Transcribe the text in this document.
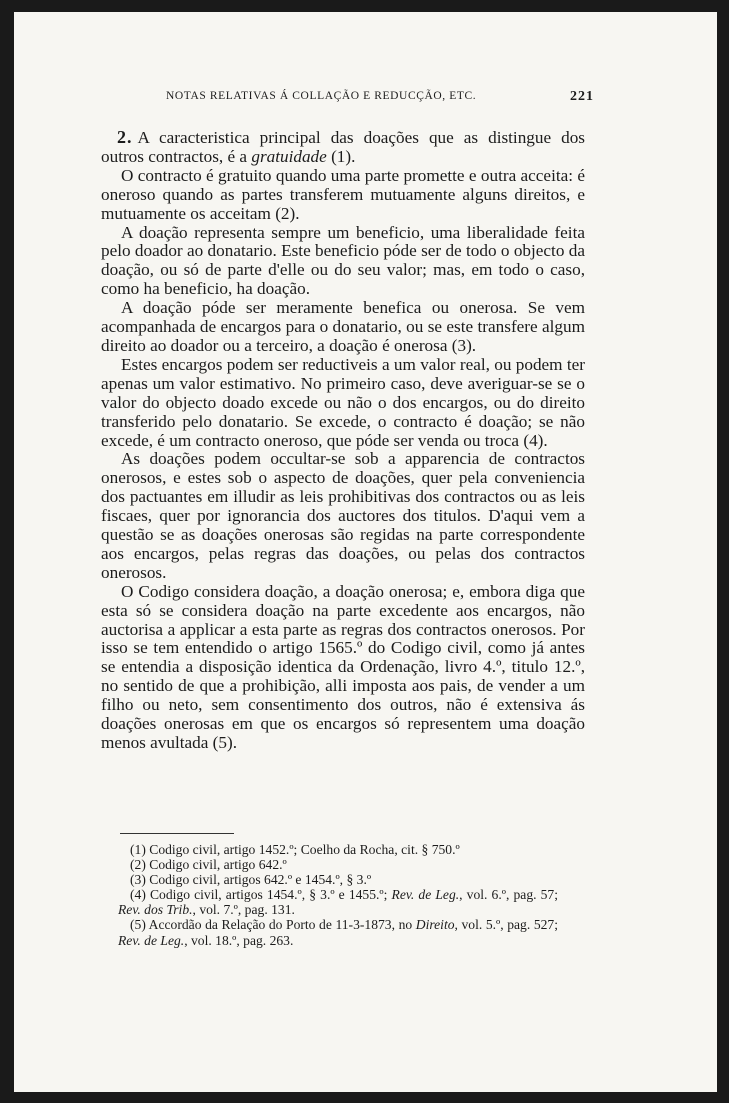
NOTAS RELATIVAS Á COLLAÇÃO E REDUCÇÃO, ETC.	221

2. A caracteristica principal das doações que as distingue dos outros contractos, é a gratuidade (1).

O contracto é gratuito quando uma parte promette e outra acceita: é oneroso quando as partes transferem mutuamente alguns direitos, e mutuamente os acceitam (2).

A doação representa sempre um beneficio, uma liberalidade feita pelo doador ao donatario. Este beneficio póde ser de todo o objecto da doação, ou só de parte d'elle ou do seu valor; mas, em todo o caso, como ha beneficio, ha doação.

A doação póde ser meramente benefica ou onerosa. Se vem acompanhada de encargos para o donatario, ou se este transfere algum direito ao doador ou a terceiro, a doação é onerosa (3).

Estes encargos podem ser reductiveis a um valor real, ou podem ter apenas um valor estimativo. No primeiro caso, deve averiguar-se se o valor do objecto doado excede ou não o dos encargos, ou do direito transferido pelo donatario. Se excede, o contracto é doação; se não excede, é um contracto oneroso, que póde ser venda ou troca (4).

As doações podem occultar-se sob a apparencia de contractos onerosos, e estes sob o aspecto de doações, quer pela conveniencia dos pactuantes em illudir as leis prohibitivas dos contractos ou as leis fiscaes, quer por ignorancia dos auctores dos titulos. D'aqui vem a questão se as doações onerosas são regidas na parte correspondente aos encargos, pelas regras das doações, ou pelas dos contractos onerosos.

O Codigo considera doação, a doação onerosa; e, embora diga que esta só se considera doação na parte excedente aos encargos, não auctorisa a applicar a esta parte as regras dos contractos onerosos. Por isso se tem entendido o artigo 1565.º do Codigo civil, como já antes se entendia a disposição identica da Ordenação, livro 4.º, titulo 12.º, no sentido de que a prohibição, alli imposta aos pais, de vender a um filho ou neto, sem consentimento dos outros, não é extensiva ás doações onerosas em que os encargos só representem uma doação menos avultada (5).

(1) Codigo civil, artigo 1452.º; Coelho da Rocha, cit. § 750.º

(2) Codigo civil, artigo 642.º

(3) Codigo civil, artigos 642.º e 1454.º, § 3.º

(4) Codigo civil, artigos 1454.º, § 3.º e 1455.º; Rev. de Leg., vol. 6.º, pag. 57; Rev. dos Trib., vol. 7.º, pag. 131.

(5) Accordão da Relação do Porto de 11-3-1873, no Direito, vol. 5.º, pag. 527; Rev. de Leg., vol. 18.º, pag. 263.
